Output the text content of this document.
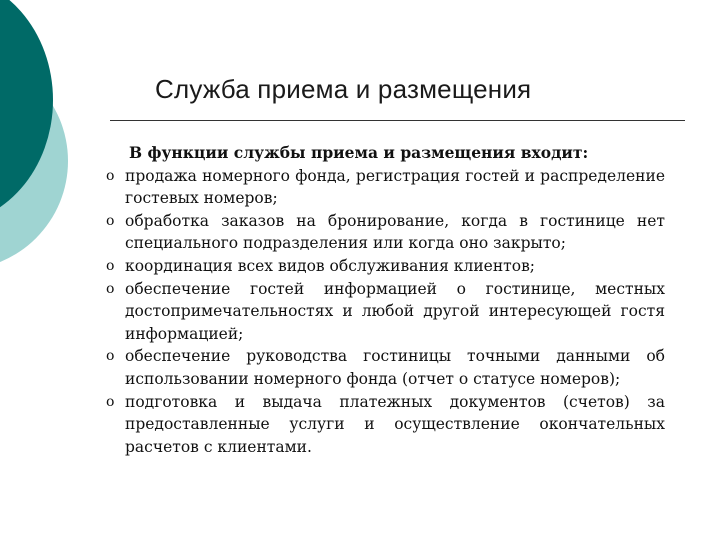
Служба приема и размещения

В функции службы приема и размещения входит:

o продажа номерного фонда, регистрация гостей и распределение гостевых номеров;
o обработка заказов на бронирование, когда в гостинице нет специального подразделения или когда оно закрыто;
o координация всех видов обслуживания клиентов;
o обеспечение гостей информацией о гостинице, местных достопримечательностях и любой другой интересующей гостя информацией;
o обеспечение руководства гостиницы точными данными об использовании номерного фонда (отчет о статусе номеров);
o подготовка и выдача платежных документов (счетов) за предоставленные услуги и осуществление окончательных расчетов с клиентами.
